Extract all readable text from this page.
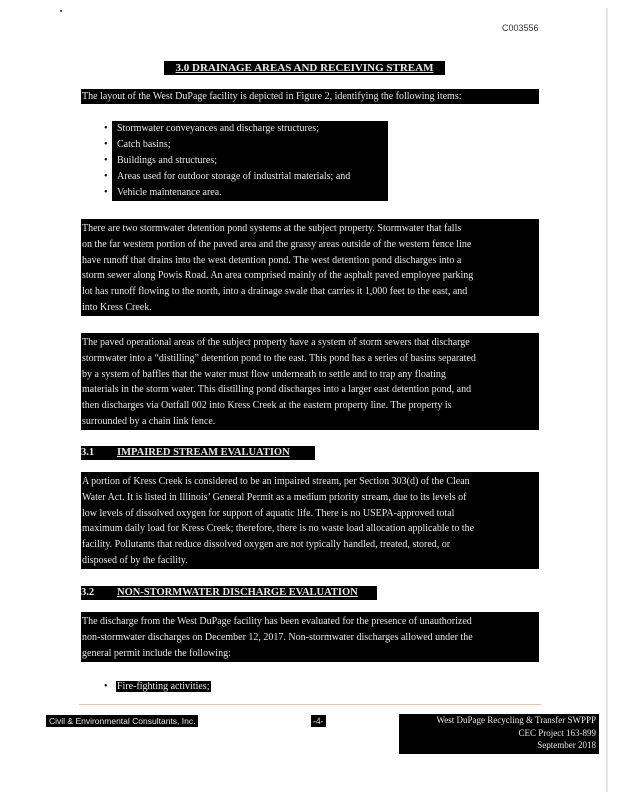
C003556
3.0 DRAINAGE AREAS AND RECEIVING STREAM
The layout of the West DuPage facility is depicted in Figure 2, identifying the following items:
• Stormwater conveyances and discharge structures;
• Catch basins;
• Buildings and structures;
• Areas used for outdoor storage of industrial materials; and
• Vehicle maintenance area.
There are two stormwater detention pond systems at the subject property. Stormwater that falls
on the far western portion of the paved area and the grassy areas outside of the western fence line
have runoff that drains into the west detention pond. The west detention pond discharges into a
storm sewer along Powis Road. An area comprised mainly of the asphalt paved employee parking
lot has runoff flowing to the north, into a drainage swale that carries it 1,000 feet to the east, and
into Kress Creek.
The paved operational areas of the subject property have a system of storm sewers that discharge
stormwater into a “distilling” detention pond to the east. This pond has a series of basins separated
by a system of baffles that the water must flow underneath to settle and to trap any floating
materials in the storm water. This distilling pond discharges into a larger east detention pond, and
then discharges via Outfall 002 into Kress Creek at the eastern property line. The property is
surrounded by a chain link fence.
3.1 IMPAIRED STREAM EVALUATION
A portion of Kress Creek is considered to be an impaired stream, per Section 303(d) of the Clean
Water Act. It is listed in Illinois’ General Permit as a medium priority stream, due to its levels of
low levels of dissolved oxygen for support of aquatic life. There is no USEPA-approved total
maximum daily load for Kress Creek; therefore, there is no waste load allocation applicable to the
facility. Pollutants that reduce dissolved oxygen are not typically handled, treated, stored, or
disposed of by the facility.
3.2 NON-STORMWATER DISCHARGE EVALUATION
The discharge from the West DuPage facility has been evaluated for the presence of unauthorized
non-stormwater discharges on December 12, 2017. Non-stormwater discharges allowed under the
general permit include the following:
• Fire-fighting activities;
Civil & Environmental Consultants, Inc.	-4-	West DuPage Recycling & Transfer SWPPP
CEC Project 163-899
September 2018
